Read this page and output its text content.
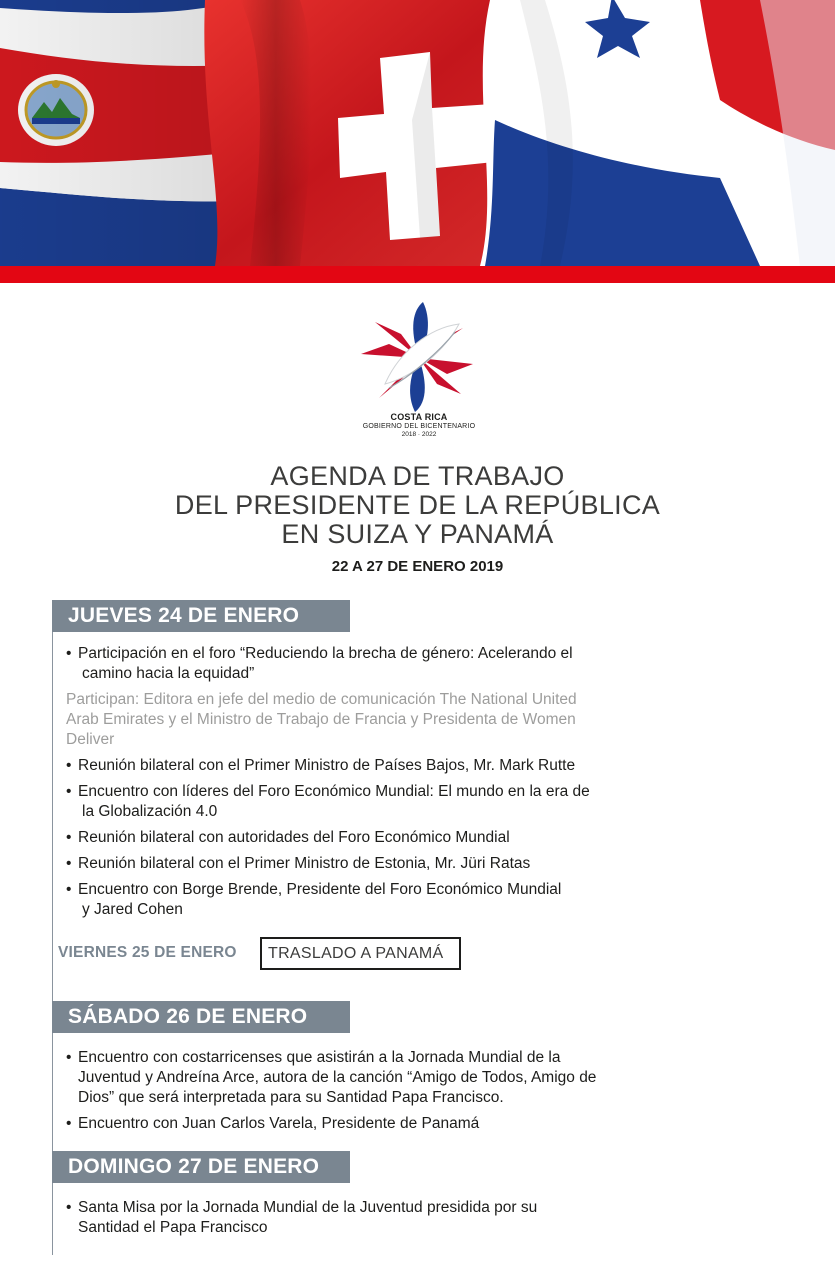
COSTA RICA
GOBIERNO DEL BICENTENARIO
2018 · 2022
AGENDA DE TRABAJO
DEL PRESIDENTE DE LA REPÚBLICA
EN SUIZA Y PANAMÁ
22 A 27 DE ENERO 2019
JUEVES 24 DE ENERO
• Participación en el foro “Reduciendo la brecha de género: Acelerando el
camino hacia la equidad”
Participan: Editora en jefe del medio de comunicación The National United
Arab Emirates y el Ministro de Trabajo de Francia y Presidenta de Women
Deliver
• Reunión bilateral con el Primer Ministro de Países Bajos, Mr. Mark Rutte
• Encuentro con líderes del Foro Económico Mundial: El mundo en la era de
la Globalización 4.0
• Reunión bilateral con autoridades del Foro Económico Mundial
• Reunión bilateral con el Primer Ministro de Estonia, Mr. Jüri Ratas
• Encuentro con Borge Brende, Presidente del Foro Económico Mundial
y Jared Cohen
VIERNES 25 DE ENERO	TRASLADO A PANAMÁ
SÁBADO 26 DE ENERO
• Encuentro con costarricenses que asistirán a la Jornada Mundial de la
Juventud y Andreína Arce, autora de la canción “Amigo de Todos, Amigo de
Dios” que será interpretada para su Santidad Papa Francisco.
• Encuentro con Juan Carlos Varela, Presidente de Panamá
DOMINGO 27 DE ENERO
• Santa Misa por la Jornada Mundial de la Juventud presidida por su
Santidad el Papa Francisco
